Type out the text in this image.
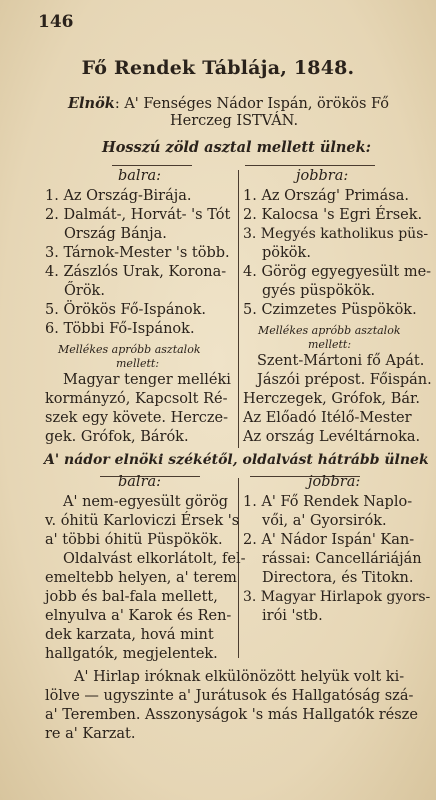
146
Fő Rendek Táblája, 1848.
Elnök: A' Fenséges Nádor Ispán, örökös Fő
Herczeg ISTVÁN.
Hosszú zöld asztal mellett ülnek:
balra:	jobbra:
1. Az Ország-Birája.
2. Dalmát-, Horvát- 's Tót
Ország Bánja.
3. Tárnok-Mester 's több.
4. Zászlós Urak, Korona-
Őrök.
5. Örökös Fő-Ispánok.
6. Többi Fő-Ispánok.
Mellékes apróbb asztalok
mellett:
Magyar tenger melléki
kormányzó, Kapcsolt Ré-
szek egy követe. Hercze-
gek. Grófok, Bárók.
1. Az Ország' Primása.
2. Kalocsa 's Egri Érsek.
3. Megyés katholikus püs-
pökök.
4. Görög egyegyesült me-
gyés püspökök.
5. Czimzetes Püspökök.
Mellékes apróbb asztalok
mellett:
Szent-Mártoni fő Apát.
Jászói prépost. Főispán.
Herczegek, Grófok, Bár.
Az Előadó Itélő-Mester
Az ország Levéltárnoka.
A' nádor elnöki székétől, oldalvást hátrább ülnek
balra:	jobbra:
A' nem-egyesült görög
v. óhitü Karloviczi Érsek 's
a' többi óhitü Püspökök.
Oldalvást elkorlátolt, fel-
emeltebb helyen, a' terem
jobb és bal-fala mellett,
elnyulva a' Karok és Ren-
dek karzata, hová mint
hallgatók, megjelentek.
1. A' Fő Rendek Naplo-
vői, a' Gyorsirók.
2. A' Nádor Ispán' Kan-
rássai: Cancelláriáján
Directora, és Titokn.
3. Magyar Hirlapok gyors-
irói 'stb.
A' Hirlap iróknak elkülönözött helyük volt ki-
lölve — ugyszinte a' Jurátusok és Hallgatóság szá-
a' Teremben. Asszonyságok 's más Hallgatók része
re a' Karzat.
